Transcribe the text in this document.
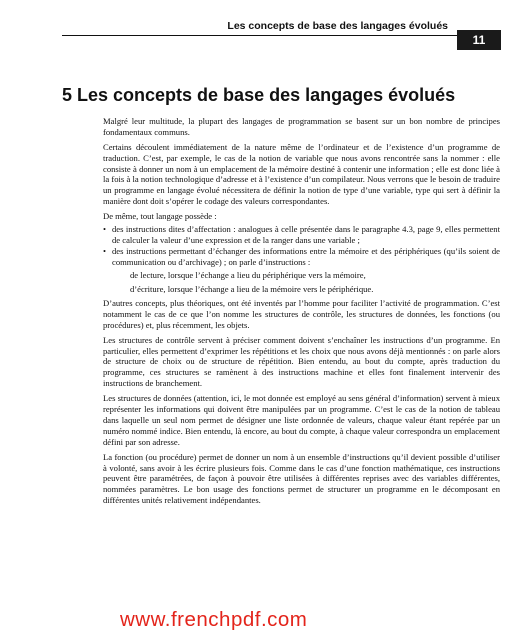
Les concepts de base des langages évolués
11
5 Les concepts de base des langages évolués

Malgré leur multitude, la plupart des langages de programmation se basent sur un bon nombre de principes fondamentaux communs.

Certains découlent immédiatement de la nature même de l’ordinateur et de l’existence d’un programme de traduction. C’est, par exemple, le cas de la notion de variable que nous avons rencontrée sans la nommer : elle consiste à donner un nom à un emplacement de la mémoire destiné à contenir une information ; elle est donc liée à la fois à la notion technologique d’adresse et à l’existence d’un compilateur. Nous verrons que le besoin de traduire un programme en langage évolué nécessitera de définir la notion de type d’une variable, type qui sert à définir la manière dont doit s’opérer le codage des valeurs correspondantes.

De même, tout langage possède :

• des instructions dites d’affectation : analogues à celle présentée dans le paragraphe 4.3, page 9, elles permettent de calculer la valeur d’une expression et de la ranger dans une variable ;
• des instructions permettant d’échanger des informations entre la mémoire et des périphériques (qu’ils soient de communication ou d’archivage) ; on parle d’instructions :

de lecture, lorsque l’échange a lieu du périphérique vers la mémoire,

d’écriture, lorsque l’échange a lieu de la mémoire vers le périphérique.

D’autres concepts, plus théoriques, ont été inventés par l’homme pour faciliter l’activité de programmation. C’est notamment le cas de ce que l’on nomme les structures de contrôle, les structures de données, les fonctions (ou procédures) et, plus récemment, les objets.

Les structures de contrôle servent à préciser comment doivent s’enchaîner les instructions d’un programme. En particulier, elles permettent d’exprimer les répétitions et les choix que nous avons déjà mentionnés : on parle alors de structure de choix ou de structure de répétition. Bien entendu, au bout du compte, après traduction du programme, ces structures se ramènent à des instructions machine et elles font finalement intervenir des instructions de branchement.

Les structures de données (attention, ici, le mot donnée est employé au sens général d’information) servent à mieux représenter les informations qui doivent être manipulées par un programme. C’est le cas de la notion de tableau dans laquelle un seul nom permet de désigner une liste ordonnée de valeurs, chaque valeur étant repérée par un numéro nommé indice. Bien entendu, là encore, au bout du compte, à chaque valeur correspondra un emplacement défini par son adresse.

La fonction (ou procédure) permet de donner un nom à un ensemble d’instructions qu’il devient possible d’utiliser à volonté, sans avoir à les écrire plusieurs fois. Comme dans le cas d’une fonction mathématique, ces instructions peuvent être paramétrées, de façon à pouvoir être utilisées à différentes reprises avec des variables différentes, nommées paramètres. Le bon usage des fonctions permet de structurer un programme en le décomposant en différentes unités relativement indépendantes.

www.frenchpdf.com
